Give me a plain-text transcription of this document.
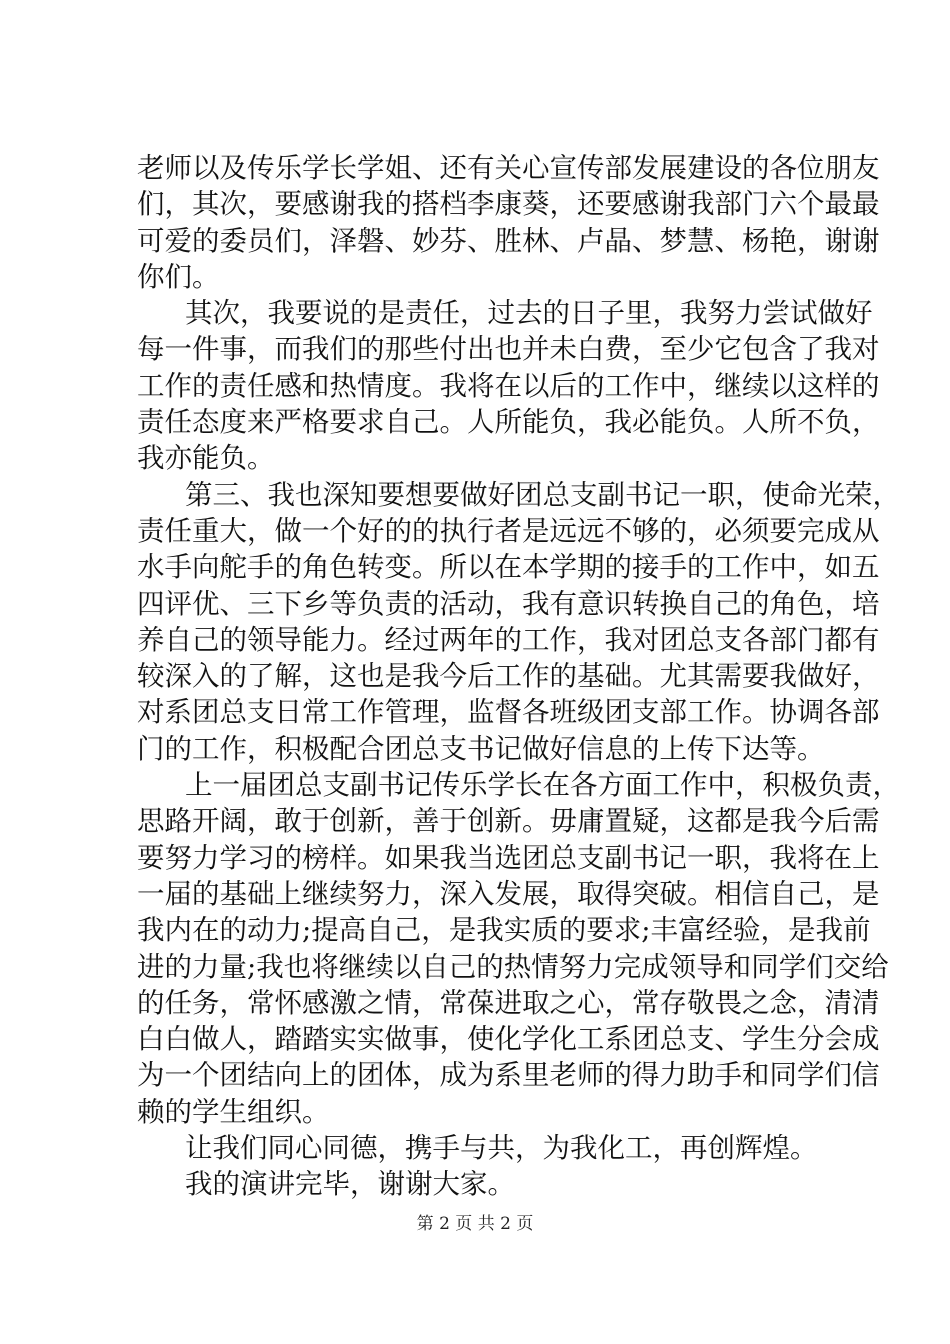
老师以及传乐学长学姐、还有关心宣传部发展建设的各位朋友
们，其次，要感谢我的搭档李康葵，还要感谢我部门六个最最
可爱的委员们，泽磐、妙芬、胜林、卢晶、梦慧、杨艳，谢谢
你们。
其次，我要说的是责任，过去的日子里，我努力尝试做好
每一件事，而我们的那些付出也并未白费，至少它包含了我对
工作的责任感和热情度。我将在以后的工作中，继续以这样的
责任态度来严格要求自己。人所能负，我必能负。人所不负，
我亦能负。
第三、我也深知要想要做好团总支副书记一职，使命光荣，
责任重大，做一个好的的执行者是远远不够的，必须要完成从
水手向舵手的角色转变。所以在本学期的接手的工作中，如五
四评优、三下乡等负责的活动，我有意识转换自己的角色，培
养自己的领导能力。经过两年的工作，我对团总支各部门都有
较深入的了解，这也是我今后工作的基础。尤其需要我做好，
对系团总支日常工作管理，监督各班级团支部工作。协调各部
门的工作，积极配合团总支书记做好信息的上传下达等。
上一届团总支副书记传乐学长在各方面工作中，积极负责，
思路开阔，敢于创新，善于创新。毋庸置疑，这都是我今后需
要努力学习的榜样。如果我当选团总支副书记一职，我将在上
一届的基础上继续努力，深入发展，取得突破。相信自己，是
我内在的动力;提高自己，是我实质的要求;丰富经验，是我前
进的力量;我也将继续以自己的热情努力完成领导和同学们交给
的任务，常怀感激之情，常葆进取之心，常存敬畏之念，清清
白白做人，踏踏实实做事，使化学化工系团总支、学生分会成
为一个团结向上的团体，成为系里老师的得力助手和同学们信
赖的学生组织。
让我们同心同德，携手与共，为我化工，再创辉煌。
我的演讲完毕，谢谢大家。
第 2 页 共 2 页
